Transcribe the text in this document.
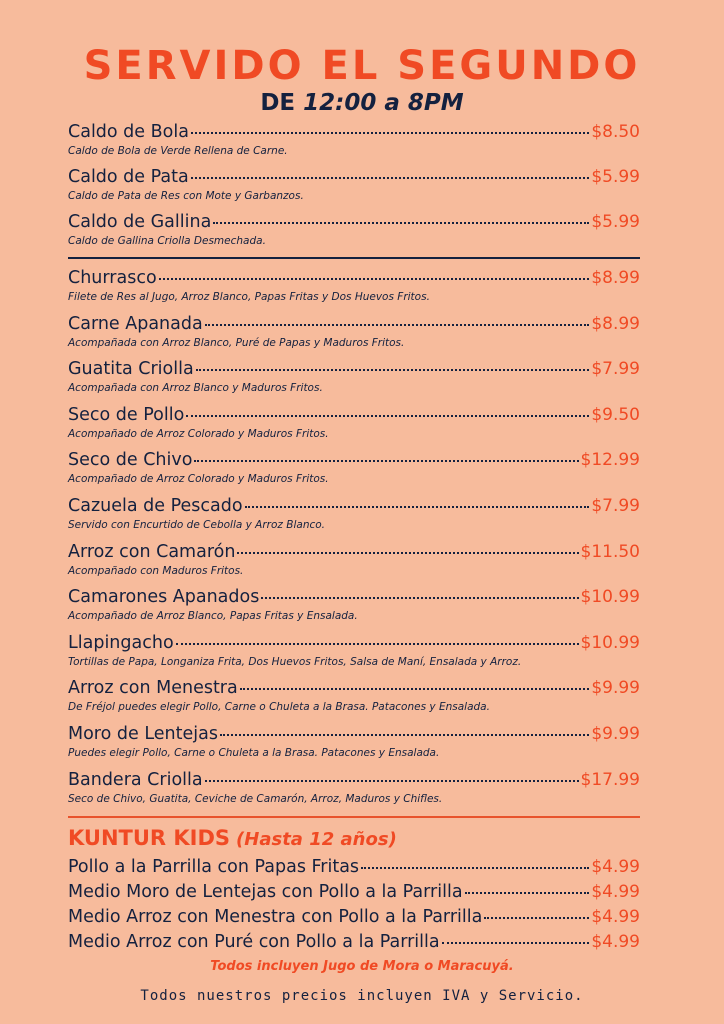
SERVIDO EL SEGUNDO
DE 12:00 a 8PM
Caldo de Bola	$8.50
Caldo de Bola de Verde Rellena de Carne.
Caldo de Pata	$5.99
Caldo de Pata de Res con Mote y Garbanzos.
Caldo de Gallina	$5.99
Caldo de Gallina Criolla Desmechada.
Churrasco	$8.99
Filete de Res al Jugo, Arroz Blanco, Papas Fritas y Dos Huevos Fritos.
Carne Apanada	$8.99
Acompañada con Arroz Blanco, Puré de Papas y Maduros Fritos.
Guatita Criolla	$7.99
Acompañada con Arroz Blanco y Maduros Fritos.
Seco de Pollo	$9.50
Acompañado de Arroz Colorado y Maduros Fritos.
Seco de Chivo	$12.99
Acompañado de Arroz Colorado y Maduros Fritos.
Cazuela de Pescado	$7.99
Servido con Encurtido de Cebolla y Arroz Blanco.
Arroz con Camarón	$11.50
Acompañado con Maduros Fritos.
Camarones Apanados	$10.99
Acompañado de Arroz Blanco, Papas Fritas y Ensalada.
Llapingacho	$10.99
Tortillas de Papa, Longaniza Frita, Dos Huevos Fritos, Salsa de Maní, Ensalada y Arroz.
Arroz con Menestra	$9.99
De Fréjol puedes elegir Pollo, Carne o Chuleta a la Brasa. Patacones y Ensalada.
Moro de Lentejas	$9.99
Puedes elegir Pollo, Carne o Chuleta a la Brasa. Patacones y Ensalada.
Bandera Criolla	$17.99
Seco de Chivo, Guatita, Ceviche de Camarón, Arroz, Maduros y Chifles.
KUNTUR KIDS (Hasta 12 años)
Pollo a la Parrilla con Papas Fritas	$4.99
Medio Moro de Lentejas con Pollo a la Parrilla	$4.99
Medio Arroz con Menestra con Pollo a la Parrilla	$4.99
Medio Arroz con Puré con Pollo a la Parrilla	$4.99
Todos incluyen Jugo de Mora o Maracuyá.
Todos nuestros precios incluyen IVA y Servicio.
